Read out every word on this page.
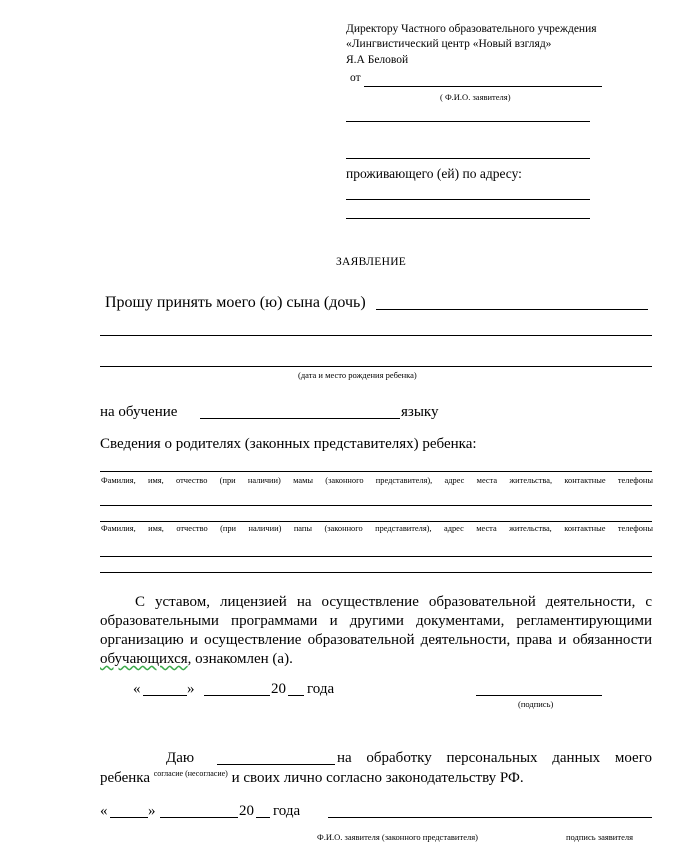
Директору Частного образовательного учреждения
«Лингвистический центр «Новый взгляд»
Я.А Беловой
от
( Ф.И.О. заявителя)
проживающего (ей) по адресу:
ЗАЯВЛЕНИЕ
Прошу принять моего (ю) сына (дочь)
(дата и место рождения ребенка)
на обучение	языку
Сведения о родителях (законных представителях) ребенка:
Фамилия, имя, отчество (при наличии) мамы (законного представителя), адрес места жительства, контактные телефоны
Фамилия, имя, отчество (при наличии) папы (законного представителя), адрес места жительства, контактные телефоны
С уставом, лицензией на осуществление образовательной деятельности, с
образовательными программами и другими документами, регламентирующими
организацию и осуществление образовательной деятельности, права и обязанности
обучающихся, ознакомлен (а).
«	»	20 года
(подпись)
Даю	на обработку персональных данных моего
ребенка $^{согласие (несогласие)}$ и своих лично согласно законодательству РФ.
«	»	20 года
Ф.И.О. заявителя (законного представителя)	подпись заявителя
